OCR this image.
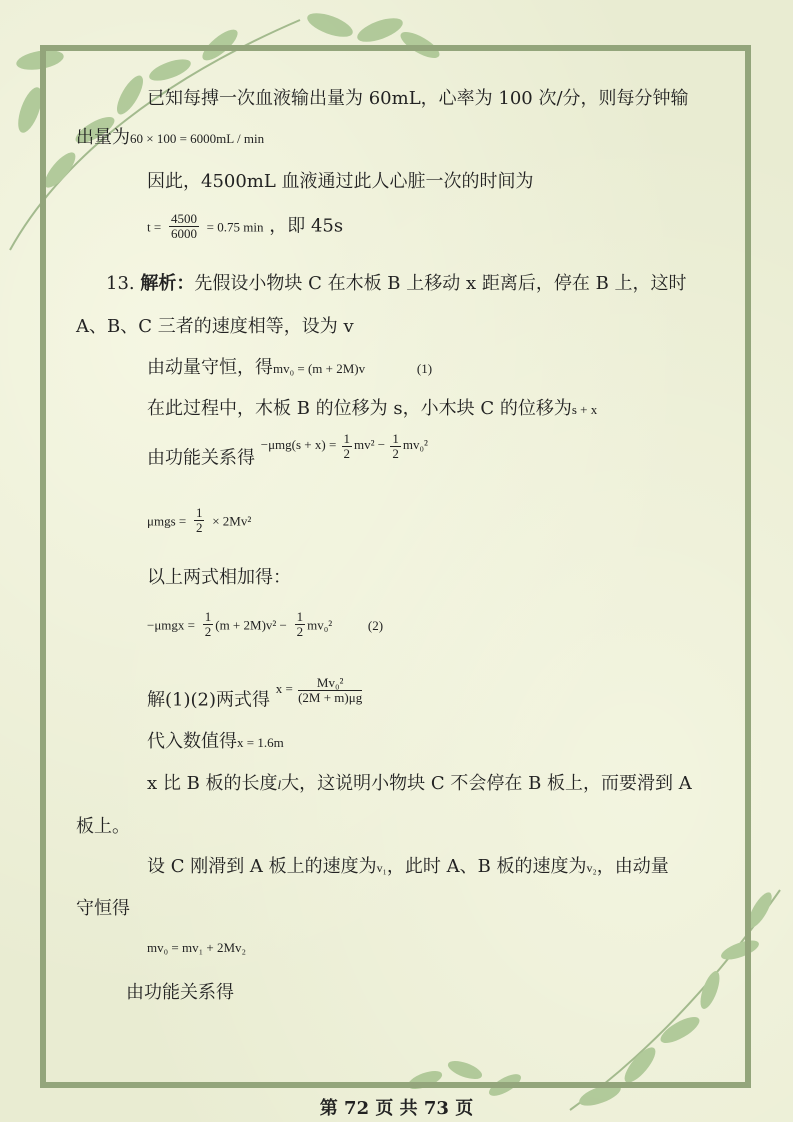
已知每搏一次血液输出量为 60mL，心率为 100 次/分，则每分钟输
出量为60 × 100 = 6000mL / min
因此，4500mL 血液通过此人心脏一次的时间为
$t = \frac{4500}{6000} = 0.75$ min ，即 45s
13. 解析：先假设小物块 C 在木板 B 上移动 x 距离后，停在 B 上，这时
A、B、C 三者的速度相等，设为 v
由动量守恒，得mv₀ = (m + 2M)v	(1)
在此过程中，木板 B 的位移为 s，小木块 C 的位移为s + x
由功能关系得 $^{-\mu mg(s + x) = \frac{1}{2} mv^2 - \frac{1}{2} mv_0^2}$
$\mu mgs = \frac{1}{2} \times 2Mv^2$
以上两式相加得：
$-\mu mgx = \frac{1}{2} (m + 2M)v^2 - \frac{1}{2} mv_0^2$	(2)
解(1)(2)两式得 $^{x = \frac{\text{Mv₀²}}{(2M + m)\mu g}}$
代入数值得x = 1.6m
x 比 B 板的长度l大，这说明小物块 C 不会停在 B 板上，而要滑到 A
板上。
设 C 刚滑到 A 板上的速度为v₁，此时 A、B 板的速度为v₂，由动量
守恒得
mv₀ = mv₁ + 2Mv₂
由功能关系得
第 72 页 共 73 页
